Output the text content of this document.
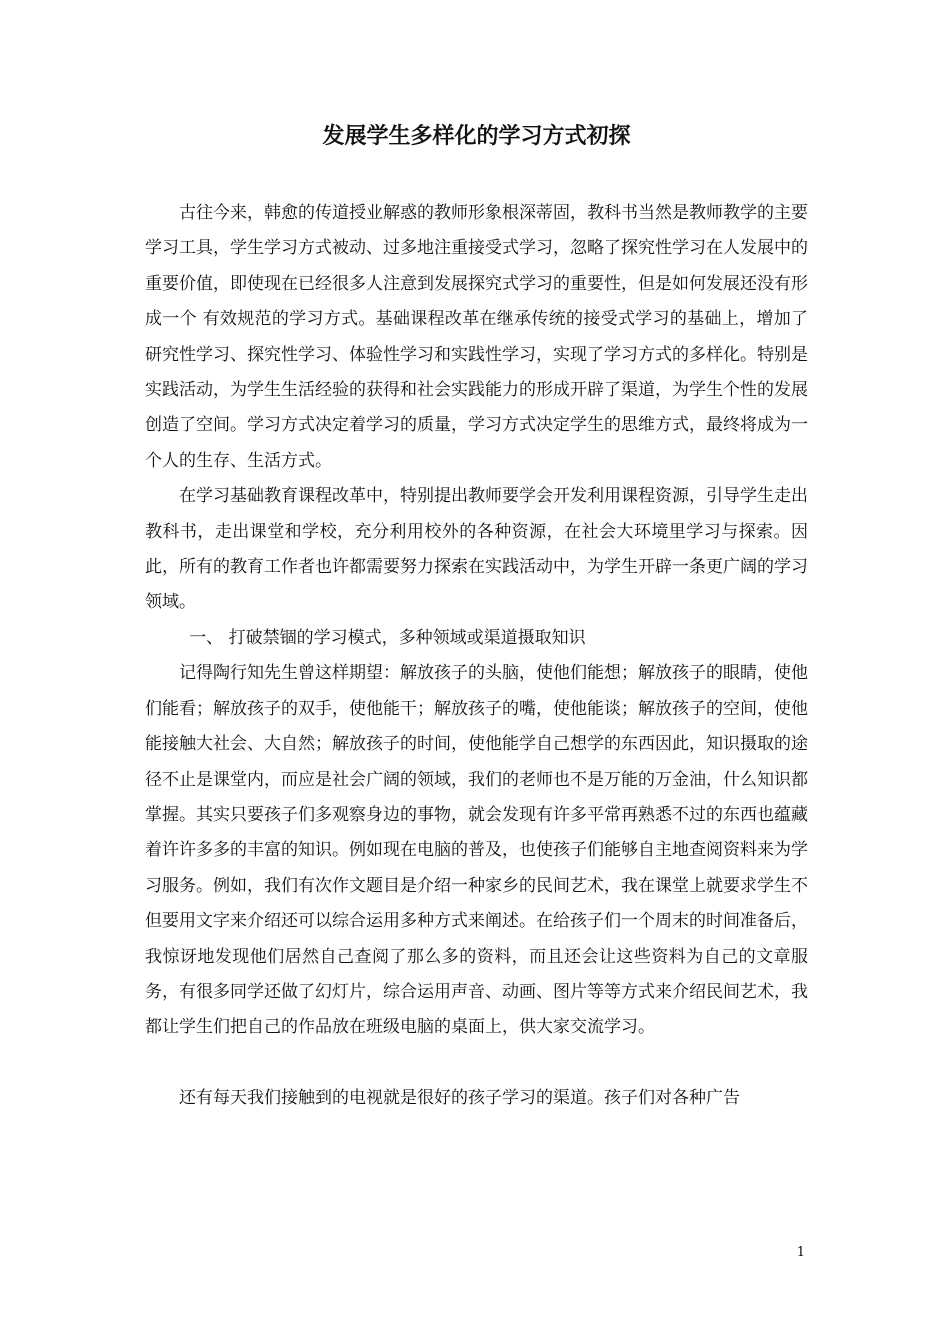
发展学生多样化的学习方式初探

古往今来，韩愈的传道授业解惑的教师形象根深蒂固，教科书当然是教师教学的主要学习工具，学生学习方式被动、过多地注重接受式学习，忽略了探究性学习在人发展中的重要价值，即使现在已经很多人注意到发展探究式学习的重要性，但是如何发展还没有形成一个 有效规范的学习方式。基础课程改革在继承传统的接受式学习的基础上，增加了研究性学习、探究性学习、体验性学习和实践性学习，实现了学习方式的多样化。特别是实践活动，为学生生活经验的获得和社会实践能力的形成开辟了渠道，为学生个性的发展创造了空间。学习方式决定着学习的质量，学习方式决定学生的思维方式，最终将成为一个人的生存、生活方式。

在学习基础教育课程改革中，特别提出教师要学会开发利用课程资源，引导学生走出教科书，走出课堂和学校，充分利用校外的各种资源，在社会大环境里学习与探索。因此，所有的教育工作者也许都需要努力探索在实践活动中，为学生开辟一条更广阔的学习领域。

一、 打破禁锢的学习模式，多种领域或渠道摄取知识

记得陶行知先生曾这样期望：解放孩子的头脑，使他们能想；解放孩子的眼睛，使他们能看；解放孩子的双手，使他能干；解放孩子的嘴，使他能谈；解放孩子的空间，使他能接触大社会、大自然；解放孩子的时间，使他能学自己想学的东西因此，知识摄取的途径不止是课堂内，而应是社会广阔的领域，我们的老师也不是万能的万金油，什么知识都掌握。其实只要孩子们多观察身边的事物，就会发现有许多平常再熟悉不过的东西也蕴藏着许许多多的丰富的知识。例如现在电脑的普及，也使孩子们能够自主地查阅资料来为学习服务。例如，我们有次作文题目是介绍一种家乡的民间艺术，我在课堂上就要求学生不但要用文字来介绍还可以综合运用多种方式来阐述。在给孩子们一个周末的时间准备后，我惊讶地发现他们居然自己查阅了那么多的资料，而且还会让这些资料为自己的文章服务，有很多同学还做了幻灯片，综合运用声音、动画、图片等等方式来介绍民间艺术，我都让学生们把自己的作品放在班级电脑的桌面上，供大家交流学习。

还有每天我们接触到的电视就是很好的孩子学习的渠道。孩子们对各种广告

1
